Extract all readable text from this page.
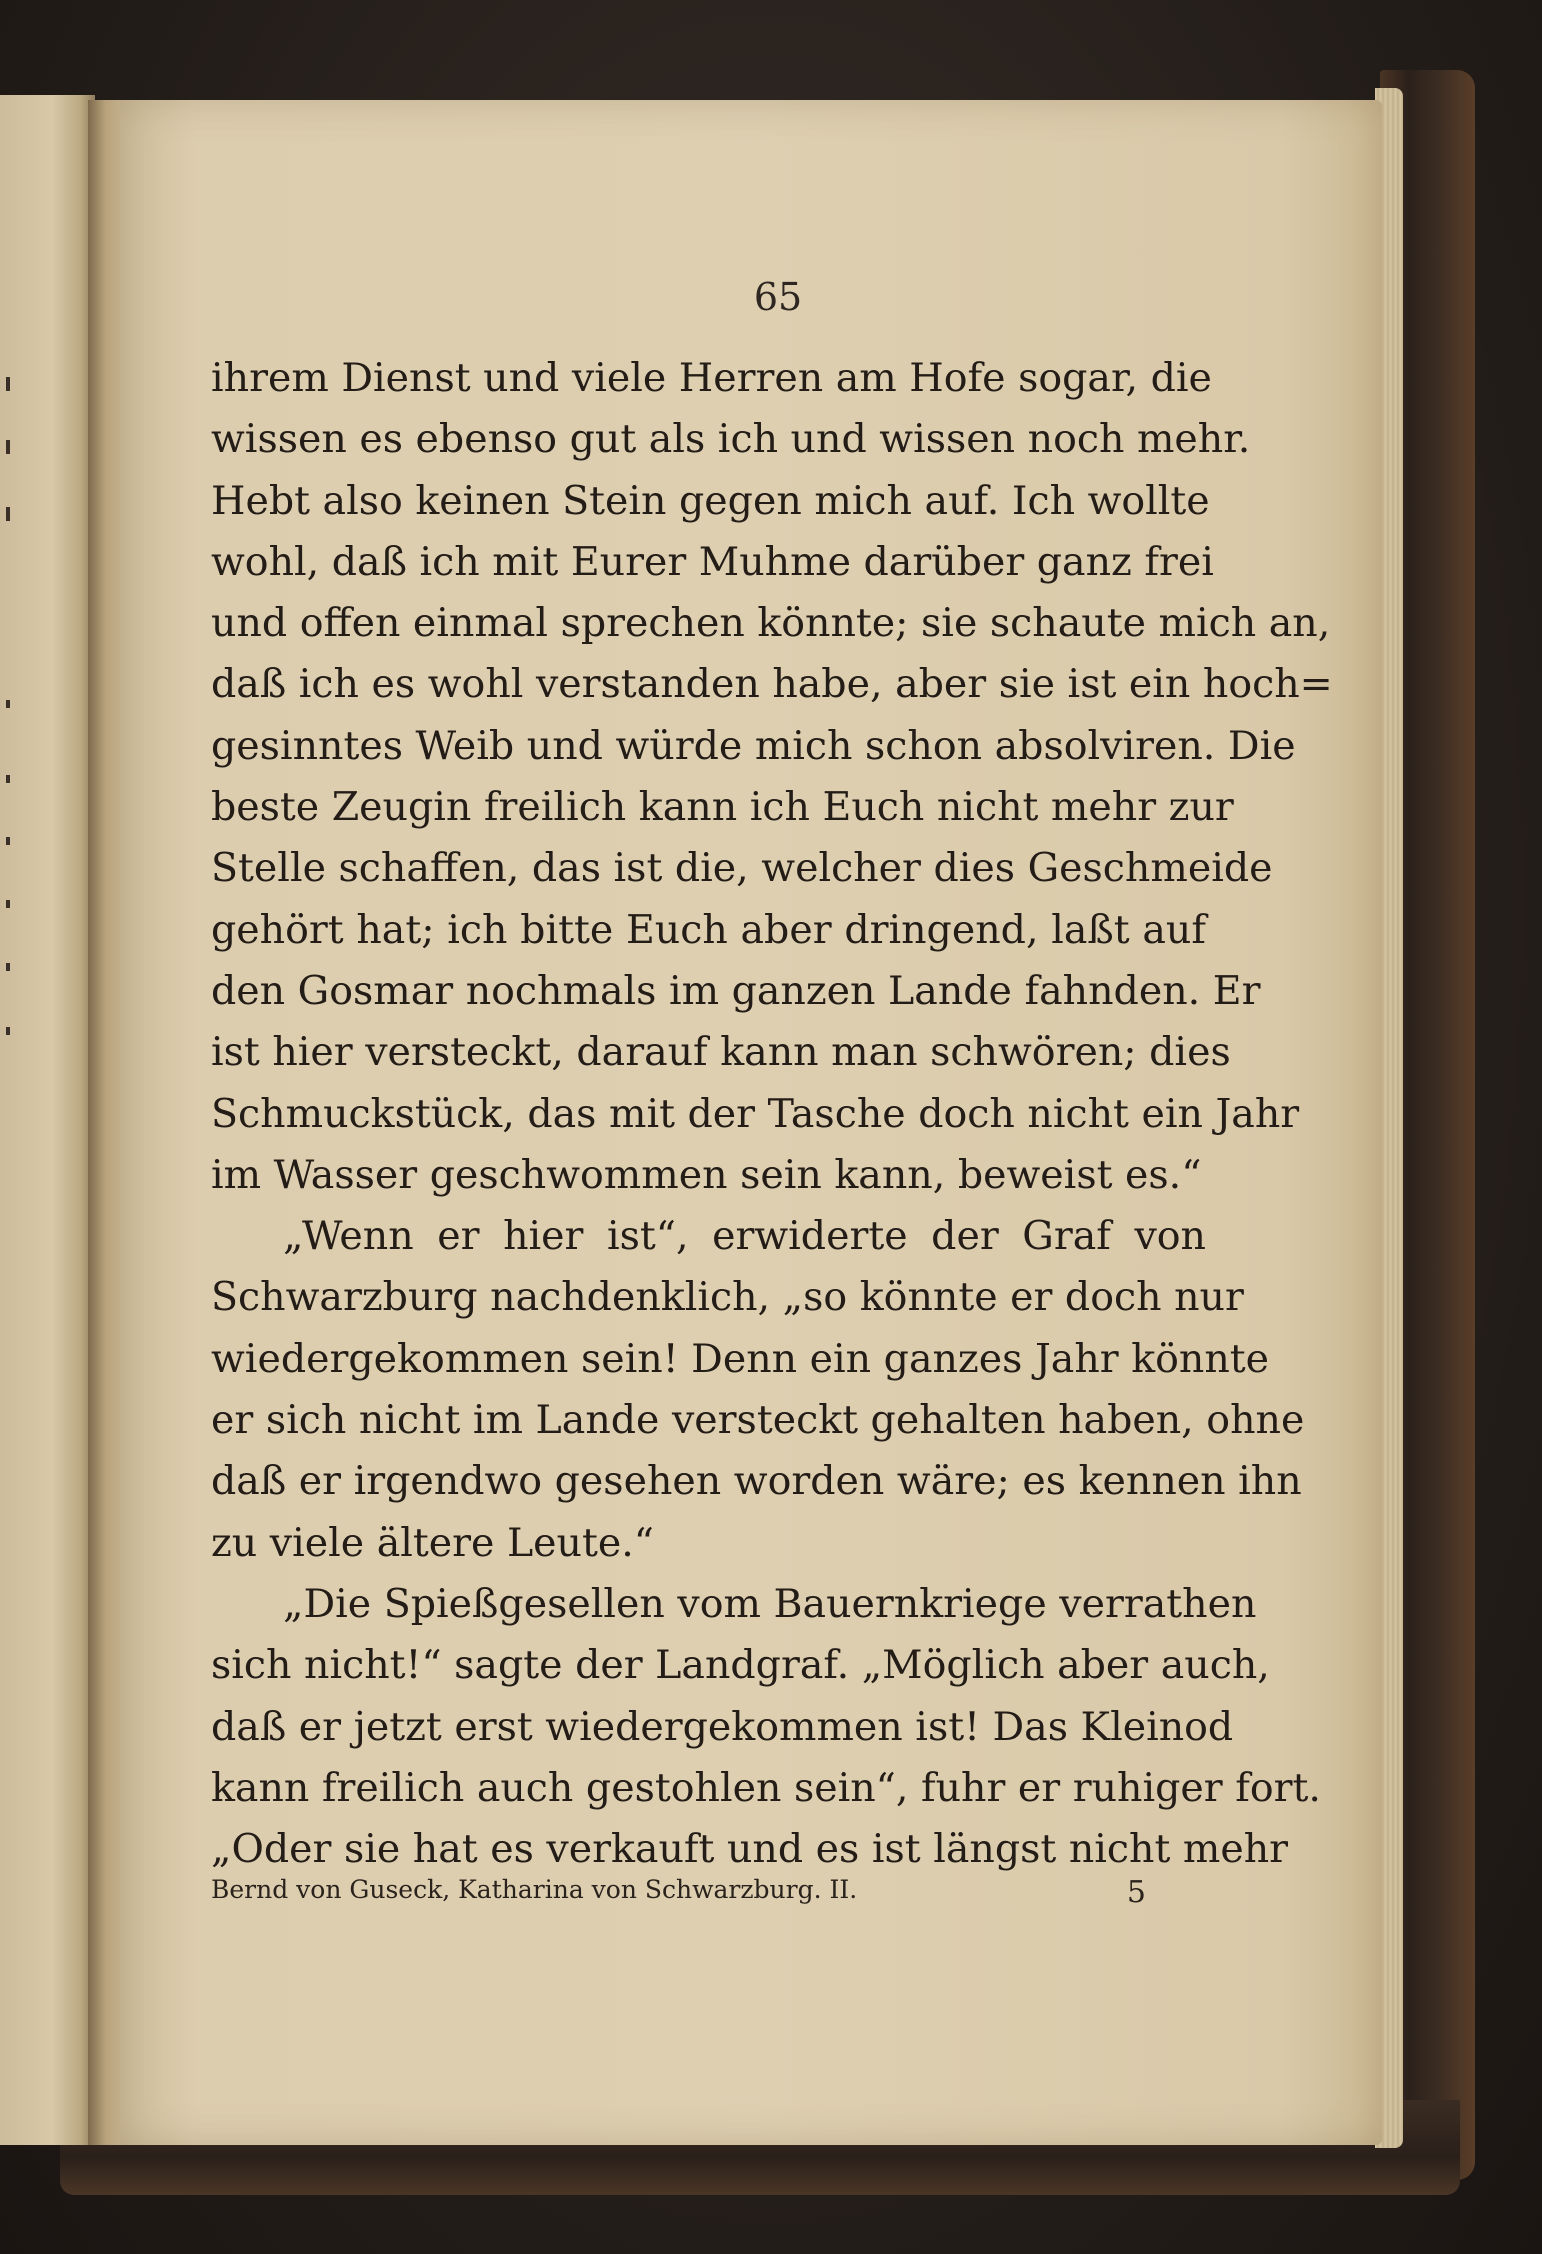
65
ihrem Dienst und viele Herren am Hofe sogar, die
wissen es ebenso gut als ich und wissen noch mehr.
Hebt also keinen Stein gegen mich auf. Ich wollte
wohl, daß ich mit Eurer Muhme darüber ganz frei
und offen einmal sprechen könnte; sie schaute mich an,
daß ich es wohl verstanden habe, aber sie ist ein hoch=
gesinntes Weib und würde mich schon absolviren. Die
beste Zeugin freilich kann ich Euch nicht mehr zur
Stelle schaffen, das ist die, welcher dies Geschmeide
gehört hat; ich bitte Euch aber dringend, laßt auf
den Gosmar nochmals im ganzen Lande fahnden. Er
ist hier versteckt, darauf kann man schwören; dies
Schmuckstück, das mit der Tasche doch nicht ein Jahr
im Wasser geschwommen sein kann, beweist es.“
„Wenn er hier ist“, erwiderte der Graf von
Schwarzburg nachdenklich, „so könnte er doch nur
wiedergekommen sein! Denn ein ganzes Jahr könnte
er sich nicht im Lande versteckt gehalten haben, ohne
daß er irgendwo gesehen worden wäre; es kennen ihn
zu viele ältere Leute.“
„Die Spießgesellen vom Bauernkriege verrathen
sich nicht!“ sagte der Landgraf. „Möglich aber auch,
daß er jetzt erst wiedergekommen ist! Das Kleinod
kann freilich auch gestohlen sein“, fuhr er ruhiger fort.
„Oder sie hat es verkauft und es ist längst nicht mehr
Bernd von Guseck, Katharina von Schwarzburg. II.	5
